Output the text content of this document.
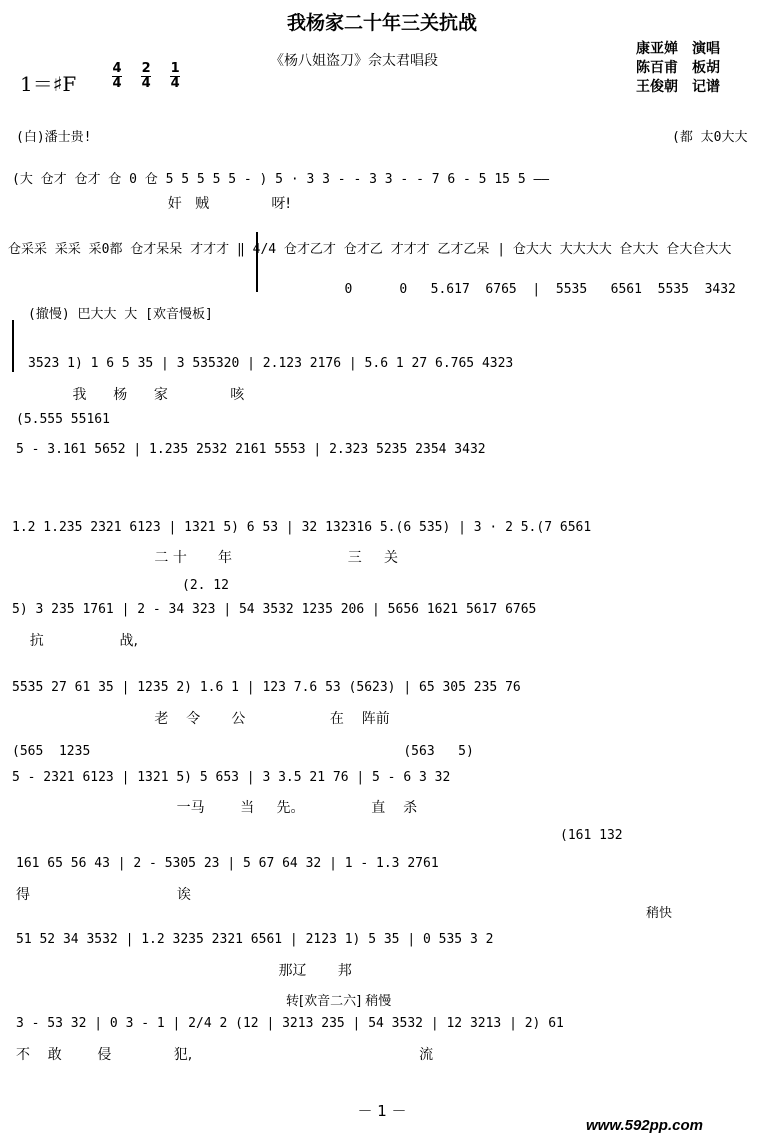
我杨家二十年三关抗战
《杨八姐盗刀》佘太君唱段
康亚婵　演唱
陈百甫　板胡
王俊朝　记谱
1＝♯F	$\frac{4}{4}$
$\frac{2}{4}$
$\frac{1}{4}$
(白)潘士贵!	(都 太0大大
(大 仓才 仓才 仓 0 仓 5 5 5 5 5 - ) 5 · 3 3 - - 3 3 - - 7 6 - 5 15 5 ——
奸   贼              呀!
仓采采 采采 采0都 仓才呆呆 才才才 ‖ 4/4 仓才乙才 仓才乙 才才才 乙才乙呆 | 仓大大 大大大大 仺大大 仺大仺大大
0      0   5.617  6765  |  5535   6561  5535  3432
(撤慢) 巴大大 大 [欢音慢板]
3523 1) 1 6 5 35 | 3 535320 | 2.123 2176 | 5.6 1 27 6.765 4323
我      杨      家              咳
(5.555 55161
5 - 3.161 5652 | 1.235 2532 2161 5553 | 2.323 5235 2354 3432
1.2 1.235 2321 6123 | 1321 5) 6 53 | 32 132316 5.(6 535) | 3 · 2 5.(7 6561
二 十       年                          三     关
(2. 12
5) 3 235 1761 | 2 - 34 323 | 54 3532 1235 206 | 5656 1621 5617 6765
抗                 战,
5535 27 61 35 | 1235 2) 1.6 1 | 123 7.6 53 (5623) | 65 305 235 76
老    令       公                   在    阵前
(565  1235                                        (563   5)
5 - 2321 6123 | 1321 5) 5 653 | 3 3.5 21 76 | 5 - 6 3 32
一马        当     先。               直    杀
(161 132
161 65 56 43 | 2 - 5305 23 | 5 67 64 32 | 1 - 1.3 2761
得                                 诶
稍快
51 52 34 3532 | 1.2 3235 2321 6561 | 2123 1) 5 35 | 0 535 3 2
那辽       邦
转[欢音二六] 稍慢
3 - 53 32 | 0 3 - 1 | 2/4 2 (12 | 3213 235 | 54 3532 | 12 3213 | 2) 61
不    敢        侵              犯,                                                   流
－ 1 －
www.592pp.com
